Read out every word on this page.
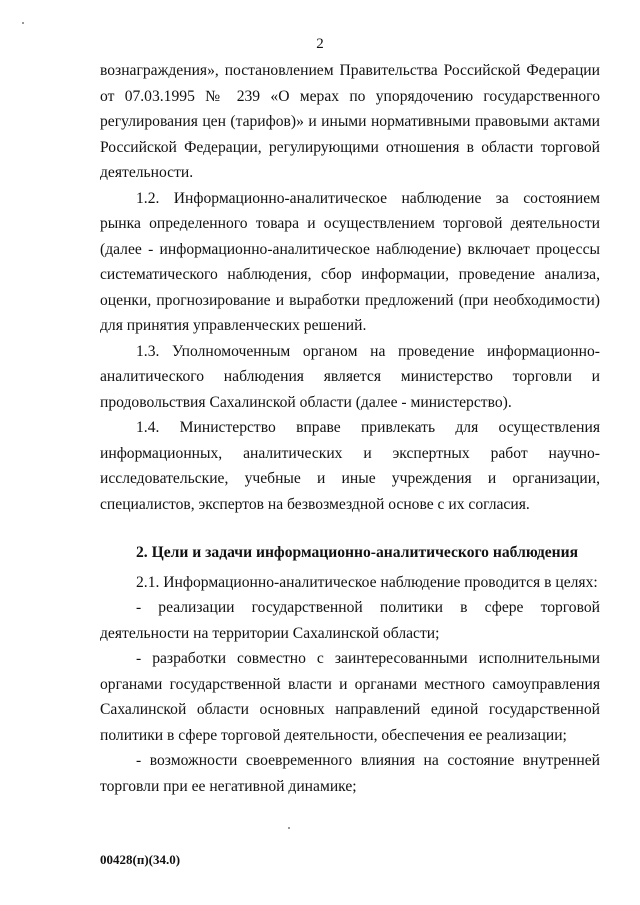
2

вознаграждения», постановлением Правительства Российской Федерации от 07.03.1995 № 239 «О мерах по упорядочению государственного регулирования цен (тарифов)» и иными нормативными правовыми актами Российской Федерации, регулирующими отношения в области торговой деятельности.

1.2. Информационно-аналитическое наблюдение за состоянием рынка определенного товара и осуществлением торговой деятельности (далее - информационно-аналитическое наблюдение) включает процессы систематического наблюдения, сбор информации, проведение анализа, оценки, прогнозирование и выработки предложений (при необходимости) для принятия управленческих решений.

1.3. Уполномоченным органом на проведение информационно-аналитического наблюдения является министерство торговли и продовольствия Сахалинской области (далее - министерство).

1.4. Министерство вправе привлекать для осуществления информационных, аналитических и экспертных работ научно-исследовательские, учебные и иные учреждения и организации, специалистов, экспертов на безвозмездной основе с их согласия.

2. Цели и задачи информационно-аналитического наблюдения

2.1. Информационно-аналитическое наблюдение проводится в целях:

- реализации государственной политики в сфере торговой деятельности на территории Сахалинской области;

- разработки совместно с заинтересованными исполнительными органами государственной власти и органами местного самоуправления Сахалинской области основных направлений единой государственной политики в сфере торговой деятельности, обеспечения ее реализации;

- возможности своевременного влияния на состояние внутренней торговли при ее негативной динамике;

00428(п)(34.0)
